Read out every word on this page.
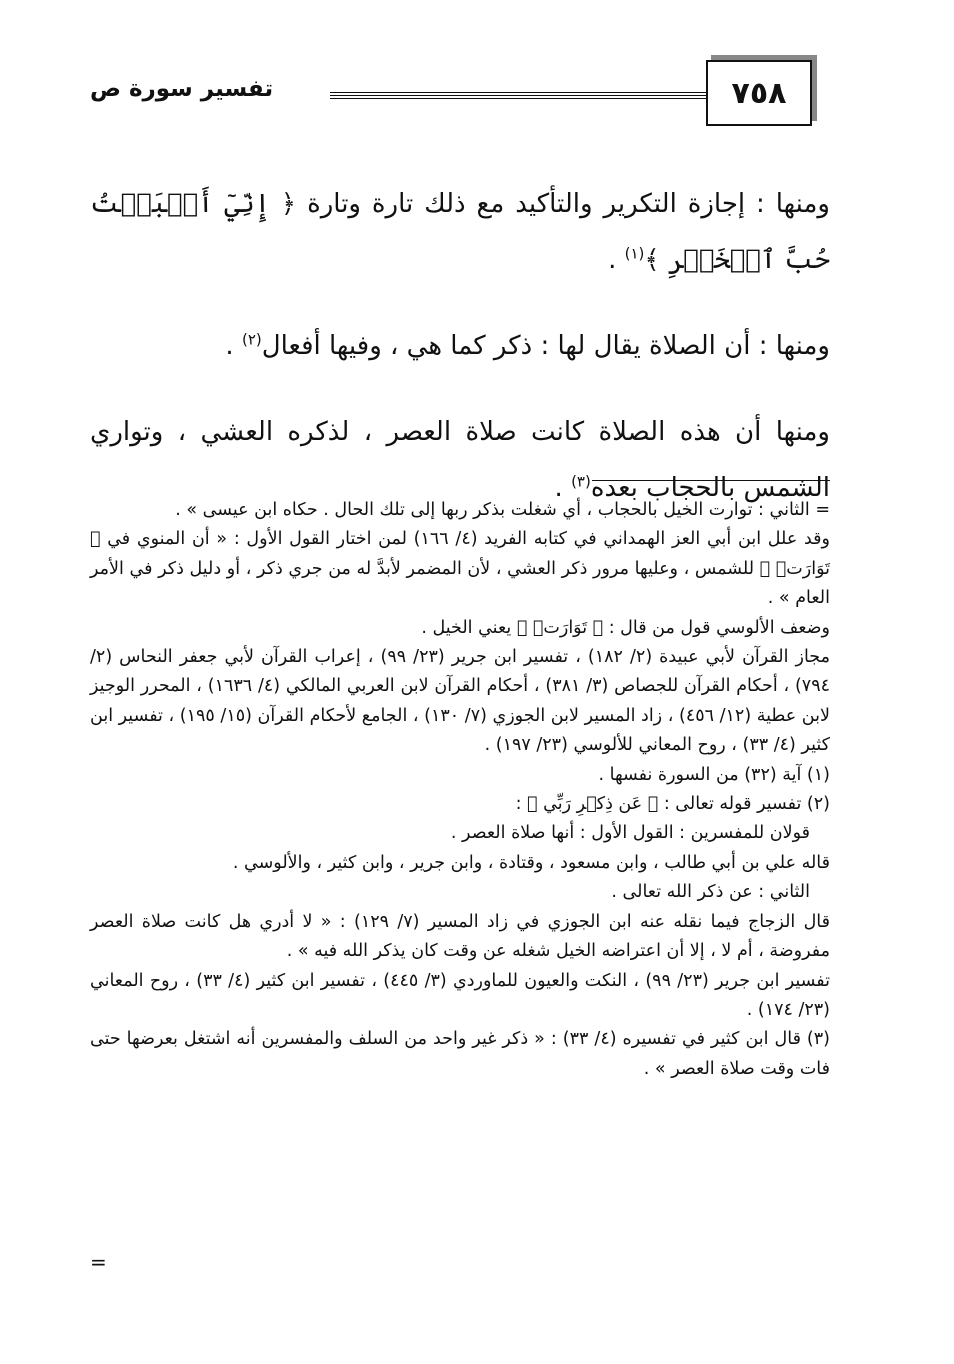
٧٥٨
تفسير سورة ص

ومنها : إجازة التكرير والتأكيد مع ذلك تارة وتارة ﴿ إِنِّيٓ أَحۡبَبۡتُ حُبَّ ٱلۡخَيۡرِ ﴾$^{(١)}$ .

ومنها : أن الصلاة يقال لها : ذكر كما هي ، وفيها أفعال$^{(٢)}$ .

ومنها أن هذه الصلاة كانت صلاة العصر ، لذكره العشي ، وتواري الشمس بالحجاب بعده$^{(٣)}$ .

= الثاني : توارت الخيل بالحجاب ، أي شغلت بذكر ربها إلى تلك الحال . حكاه ابن عيسى » .

وقد علل ابن أبي العز الهمداني في كتابه الفريد (٤/ ١٦٦) لمن اختار القول الأول : « أن المنوي في ﴿ تَوَارَتۡ ﴾ للشمس ، وعليها مرور ذكر العشي ، لأن المضمر لأبدَّ له من جري ذكر ، أو دليل ذكر في الأمر العام » .

وضعف الألوسي قول من قال : ﴿ تَوَارَتۡ ﴾ يعني الخيل .

مجاز القرآن لأبي عبيدة (٢/ ١٨٢) ، تفسير ابن جرير (٢٣/ ٩٩) ، إعراب القرآن لأبي جعفر النحاس (٢/ ٧٩٤) ، أحكام القرآن للجصاص (٣/ ٣٨١) ، أحكام القرآن لابن العربي المالكي (٤/ ١٦٣٦) ، المحرر الوجيز لابن عطية (١٢/ ٤٥٦) ، زاد المسير لابن الجوزي (٧/ ١٣٠) ، الجامع لأحكام القرآن (١٥/ ١٩٥) ، تفسير ابن كثير (٤/ ٣٣) ، روح المعاني للألوسي (٢٣/ ١٩٧) .

(١) آية (٣٢) من السورة نفسها .

(٢) تفسير قوله تعالى : ﴿ عَن ذِكۡرِ رَبِّي ﴾ :

قولان للمفسرين : القول الأول : أنها صلاة العصر .

قاله علي بن أبي طالب ، وابن مسعود ، وقتادة ، وابن جرير ، وابن كثير ، والألوسي .

الثاني : عن ذكر الله تعالى .

قال الزجاج فيما نقله عنه ابن الجوزي في زاد المسير (٧/ ١٢٩) : « لا أدري هل كانت صلاة العصر مفروضة ، أم لا ، إلا أن اعتراضه الخيل شغله عن وقت كان يذكر الله فيه » .

تفسير ابن جرير (٢٣/ ٩٩) ، النكت والعيون للماوردي (٣/ ٤٤٥) ، تفسير ابن كثير (٤/ ٣٣) ، روح المعاني (٢٣/ ١٧٤) .

(٣) قال ابن كثير في تفسيره (٤/ ٣٣) : « ذكر غير واحد من السلف والمفسرين أنه اشتغل بعرضها حتى فات وقت صلاة العصر » .

=
